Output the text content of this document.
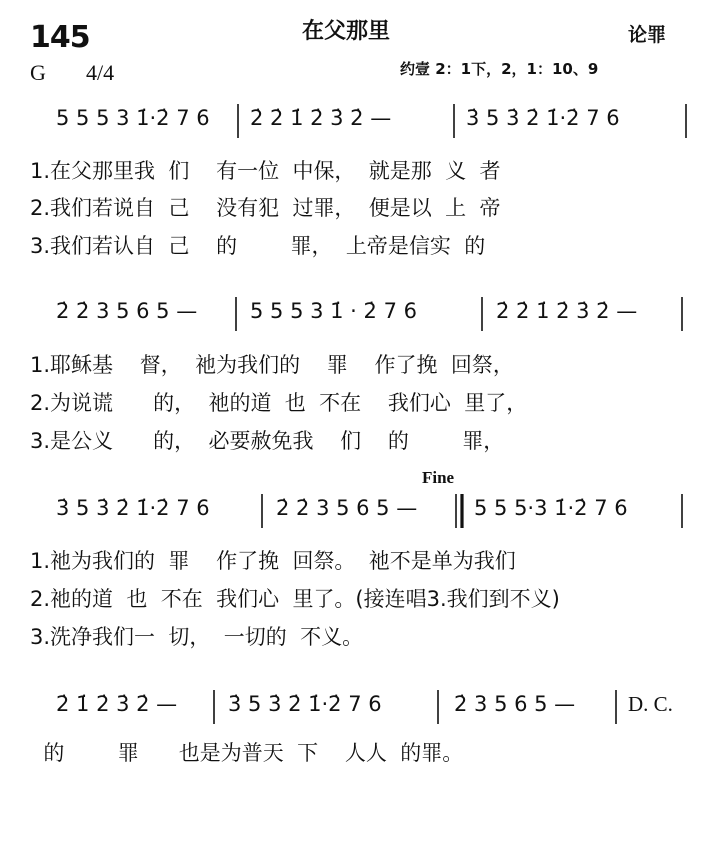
145	在父那里	论罪
G 4/4	约壹 2：1下，2，1：10、9
5 5 5 3 1̇·2̇ 7 6 2̇ 2̇ 1̇ 2̇ 3̇ 2̇ —	3̇ 5 3̇ 2̇ 1̇·2̇ 7 6
1.在父那里我  们    有一位  中保，  就是那  义  者
2.我们若说自  己    没有犯  过罪，  便是以  上  帝
3.我们若认自  己    的        罪，  上帝是信实  的
2̇ 2̇ 3 5 6 5 —	5 5 5 3 1̇ · 2̇ 7 6	2̇ 2̇ 1̇ 2̇ 3̇ 2̇ —
1.耶稣基    督，  祂为我们的    罪    作了挽  回祭，
2.为说谎      的，  祂的道  也  不在    我们心  里了，
3.是公义      的，  必要赦免我    们    的        罪，
Fine
3̇ 5 3̇ 2̇ 1̇·2̇ 7 6	2̇ 2̇ 3 5 6 5 —	5 5 5·3 1̇·2̇ 7 6
1.祂为我们的  罪    作了挽  回祭。  祂不是单为我们
2.祂的道  也  不在  我们心  里了。(接连唱3.我们到不义)
3.洗净我们一  切，  一切的  不义。
2̇ 1̇ 2̇ 3̇ 2̇ — 3̇ 5 3̇ 2̇ 1̇·2̇ 7 6	2̇ 3 5 6 5 —	D. C.
的        罪      也是为普天  下    人人  的罪。
